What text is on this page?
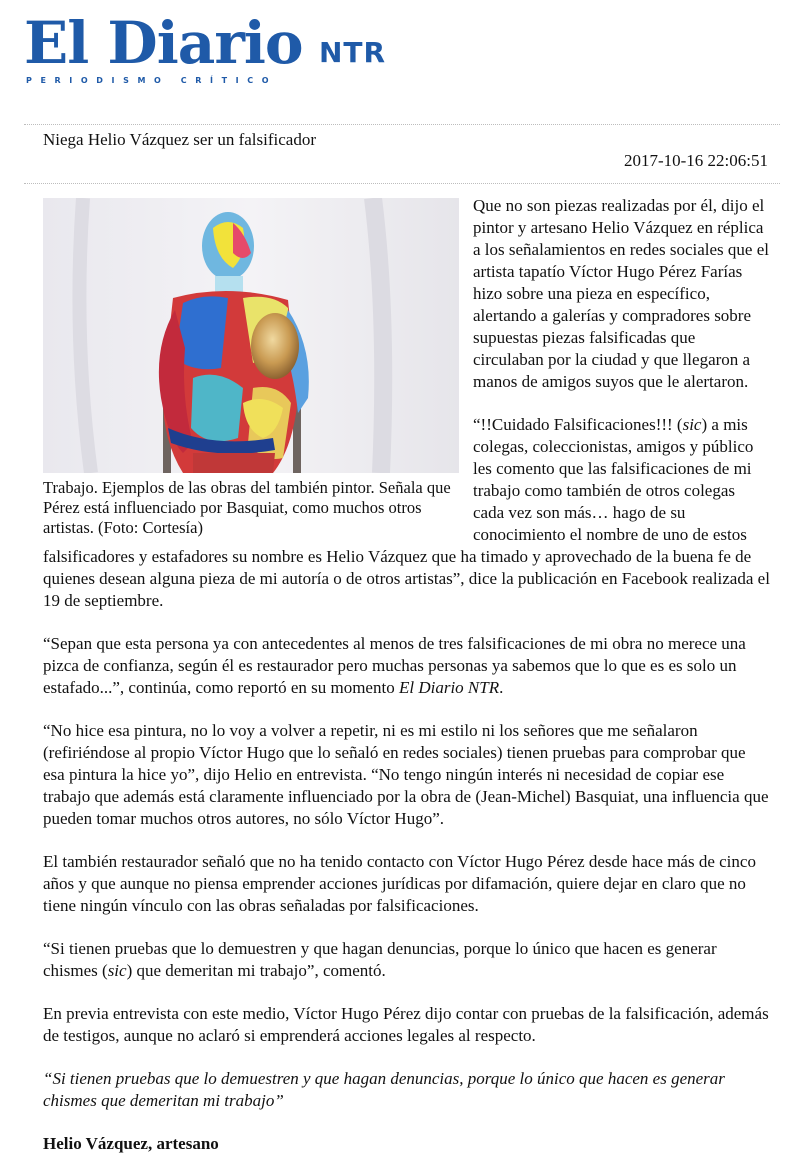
El Diario NTR
PERIODISMO CRÍTICO
Niega Helio Vázquez ser un falsificador
2017-10-16 22:06:51
Trabajo. Ejemplos de las obras del también pintor. Señala que Pérez está influenciado por Basquiat, como muchos otros artistas. (Foto: Cortesía)

Que no son piezas realizadas por él, dijo el pintor y artesano Helio Vázquez en réplica a los señalamientos en redes sociales que el artista tapatío Víctor Hugo Pérez Farías hizo sobre una pieza en específico, alertando a galerías y compradores sobre supuestas piezas falsificadas que circulaban por la ciudad y que llegaron a manos de amigos suyos que le alertaron.

“!!Cuidado Falsificaciones!!! (sic) a mis colegas, coleccionistas, amigos y público les comento que las falsificaciones de mi trabajo como también de otros colegas cada vez son más… hago de su conocimiento el nombre de uno de estos falsificadores y estafadores su nombre es Helio Vázquez que ha timado y aprovechado de la buena fe de quienes desean alguna pieza de mi autoría o de otros artistas”, dice la publicación en Facebook realizada el 19 de septiembre.

“Sepan que esta persona ya con antecedentes al menos de tres falsificaciones de mi obra no merece una pizca de confianza, según él es restaurador pero muchas personas ya sabemos que lo que es es solo un estafado...”, continúa, como reportó en su momento El Diario NTR.

“No hice esa pintura, no lo voy a volver a repetir, ni es mi estilo ni los señores que me señalaron (refiriéndose al propio Víctor Hugo que lo señaló en redes sociales) tienen pruebas para comprobar que esa pintura la hice yo”, dijo Helio en entrevista. “No tengo ningún interés ni necesidad de copiar ese trabajo que además está claramente influenciado por la obra de (Jean-Michel) Basquiat, una influencia que pueden tomar muchos otros autores, no sólo Víctor Hugo”.

El también restaurador señaló que no ha tenido contacto con Víctor Hugo Pérez desde hace más de cinco años y que aunque no piensa emprender acciones jurídicas por difamación, quiere dejar en claro que no tiene ningún vínculo con las obras señaladas por falsificaciones.

“Si tienen pruebas que lo demuestren y que hagan denuncias, porque lo único que hacen es generar chismes (sic) que demeritan mi trabajo”, comentó.

En previa entrevista con este medio, Víctor Hugo Pérez dijo contar con pruebas de la falsificación, además de testigos, aunque no aclaró si emprenderá acciones legales al respecto.

“Si tienen pruebas que lo demuestren y que hagan denuncias, porque lo único que hacen es generar chismes que demeritan mi trabajo”

Helio Vázquez, artesano
